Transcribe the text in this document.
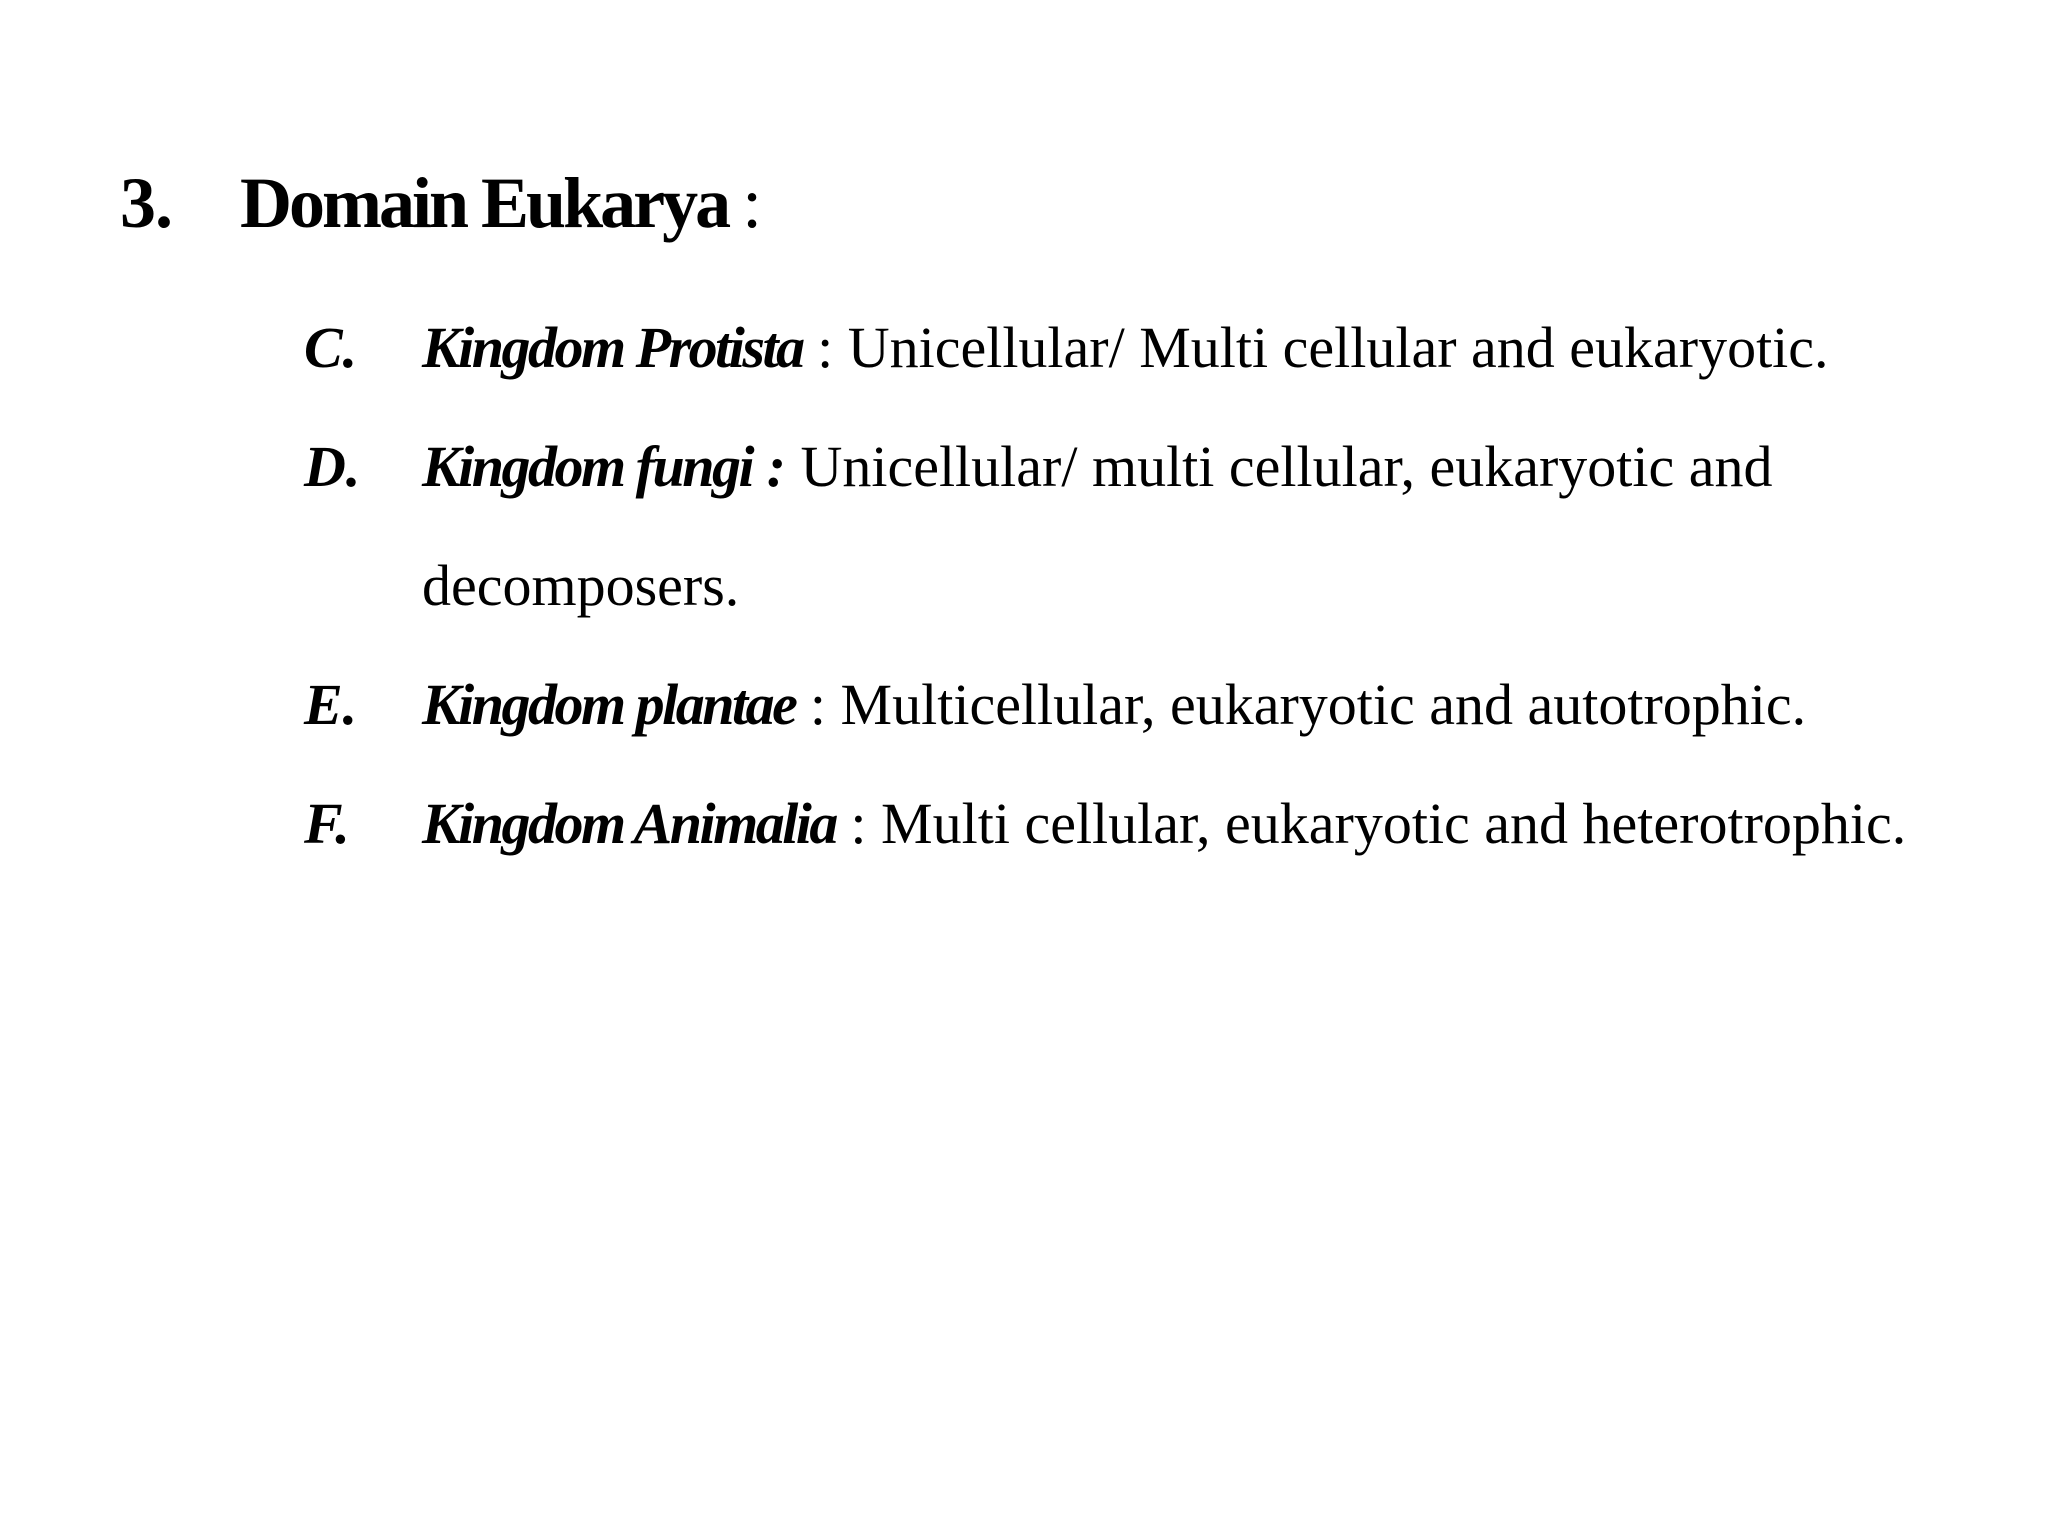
3. Domain Eukarya :
C. Kingdom Protista : Unicellular/ Multi cellular and eukaryotic.
D. Kingdom fungi : Unicellular/ multi cellular, eukaryotic and decomposers.
E. Kingdom plantae : Multicellular, eukaryotic and autotrophic.
F. Kingdom Animalia : Multi cellular, eukaryotic and heterotrophic.
